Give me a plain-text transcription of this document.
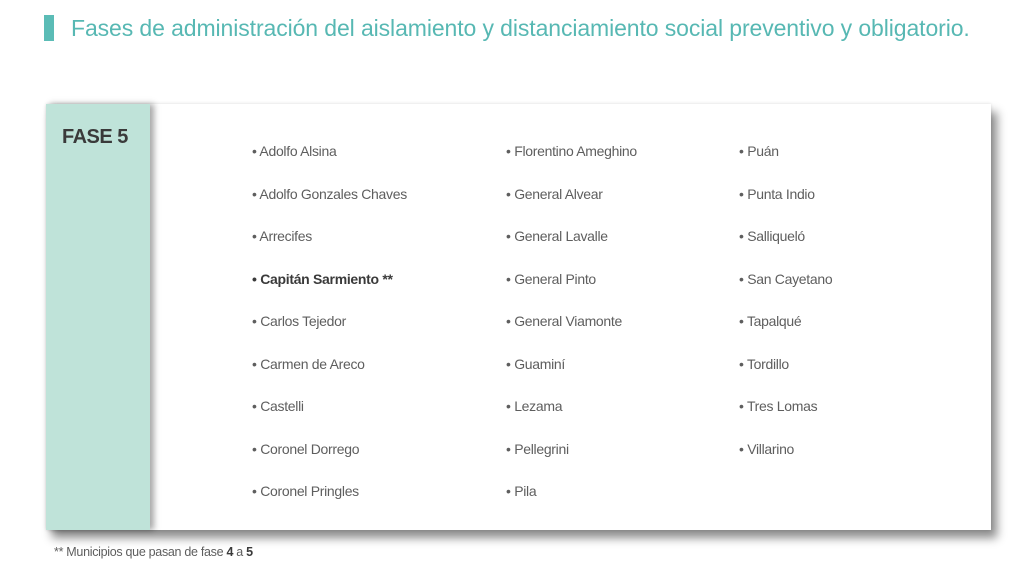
Fases de administración del aislamiento y distanciamiento social preventivo y obligatorio.
FASE 5
• Adolfo Alsina
• Adolfo Gonzales Chaves
• Arrecifes
• Capitán Sarmiento **
• Carlos Tejedor
• Carmen de Areco
• Castelli
• Coronel Dorrego
• Coronel Pringles
• Florentino Ameghino
• General Alvear
• General Lavalle
• General Pinto
• General Viamonte
• Guaminí
• Lezama
• Pellegrini
• Pila
• Puán
• Punta Indio
• Salliqueló
• San Cayetano
• Tapalqué
• Tordillo
• Tres Lomas
• Villarino
** Municipios que pasan de fase 4 a 5
